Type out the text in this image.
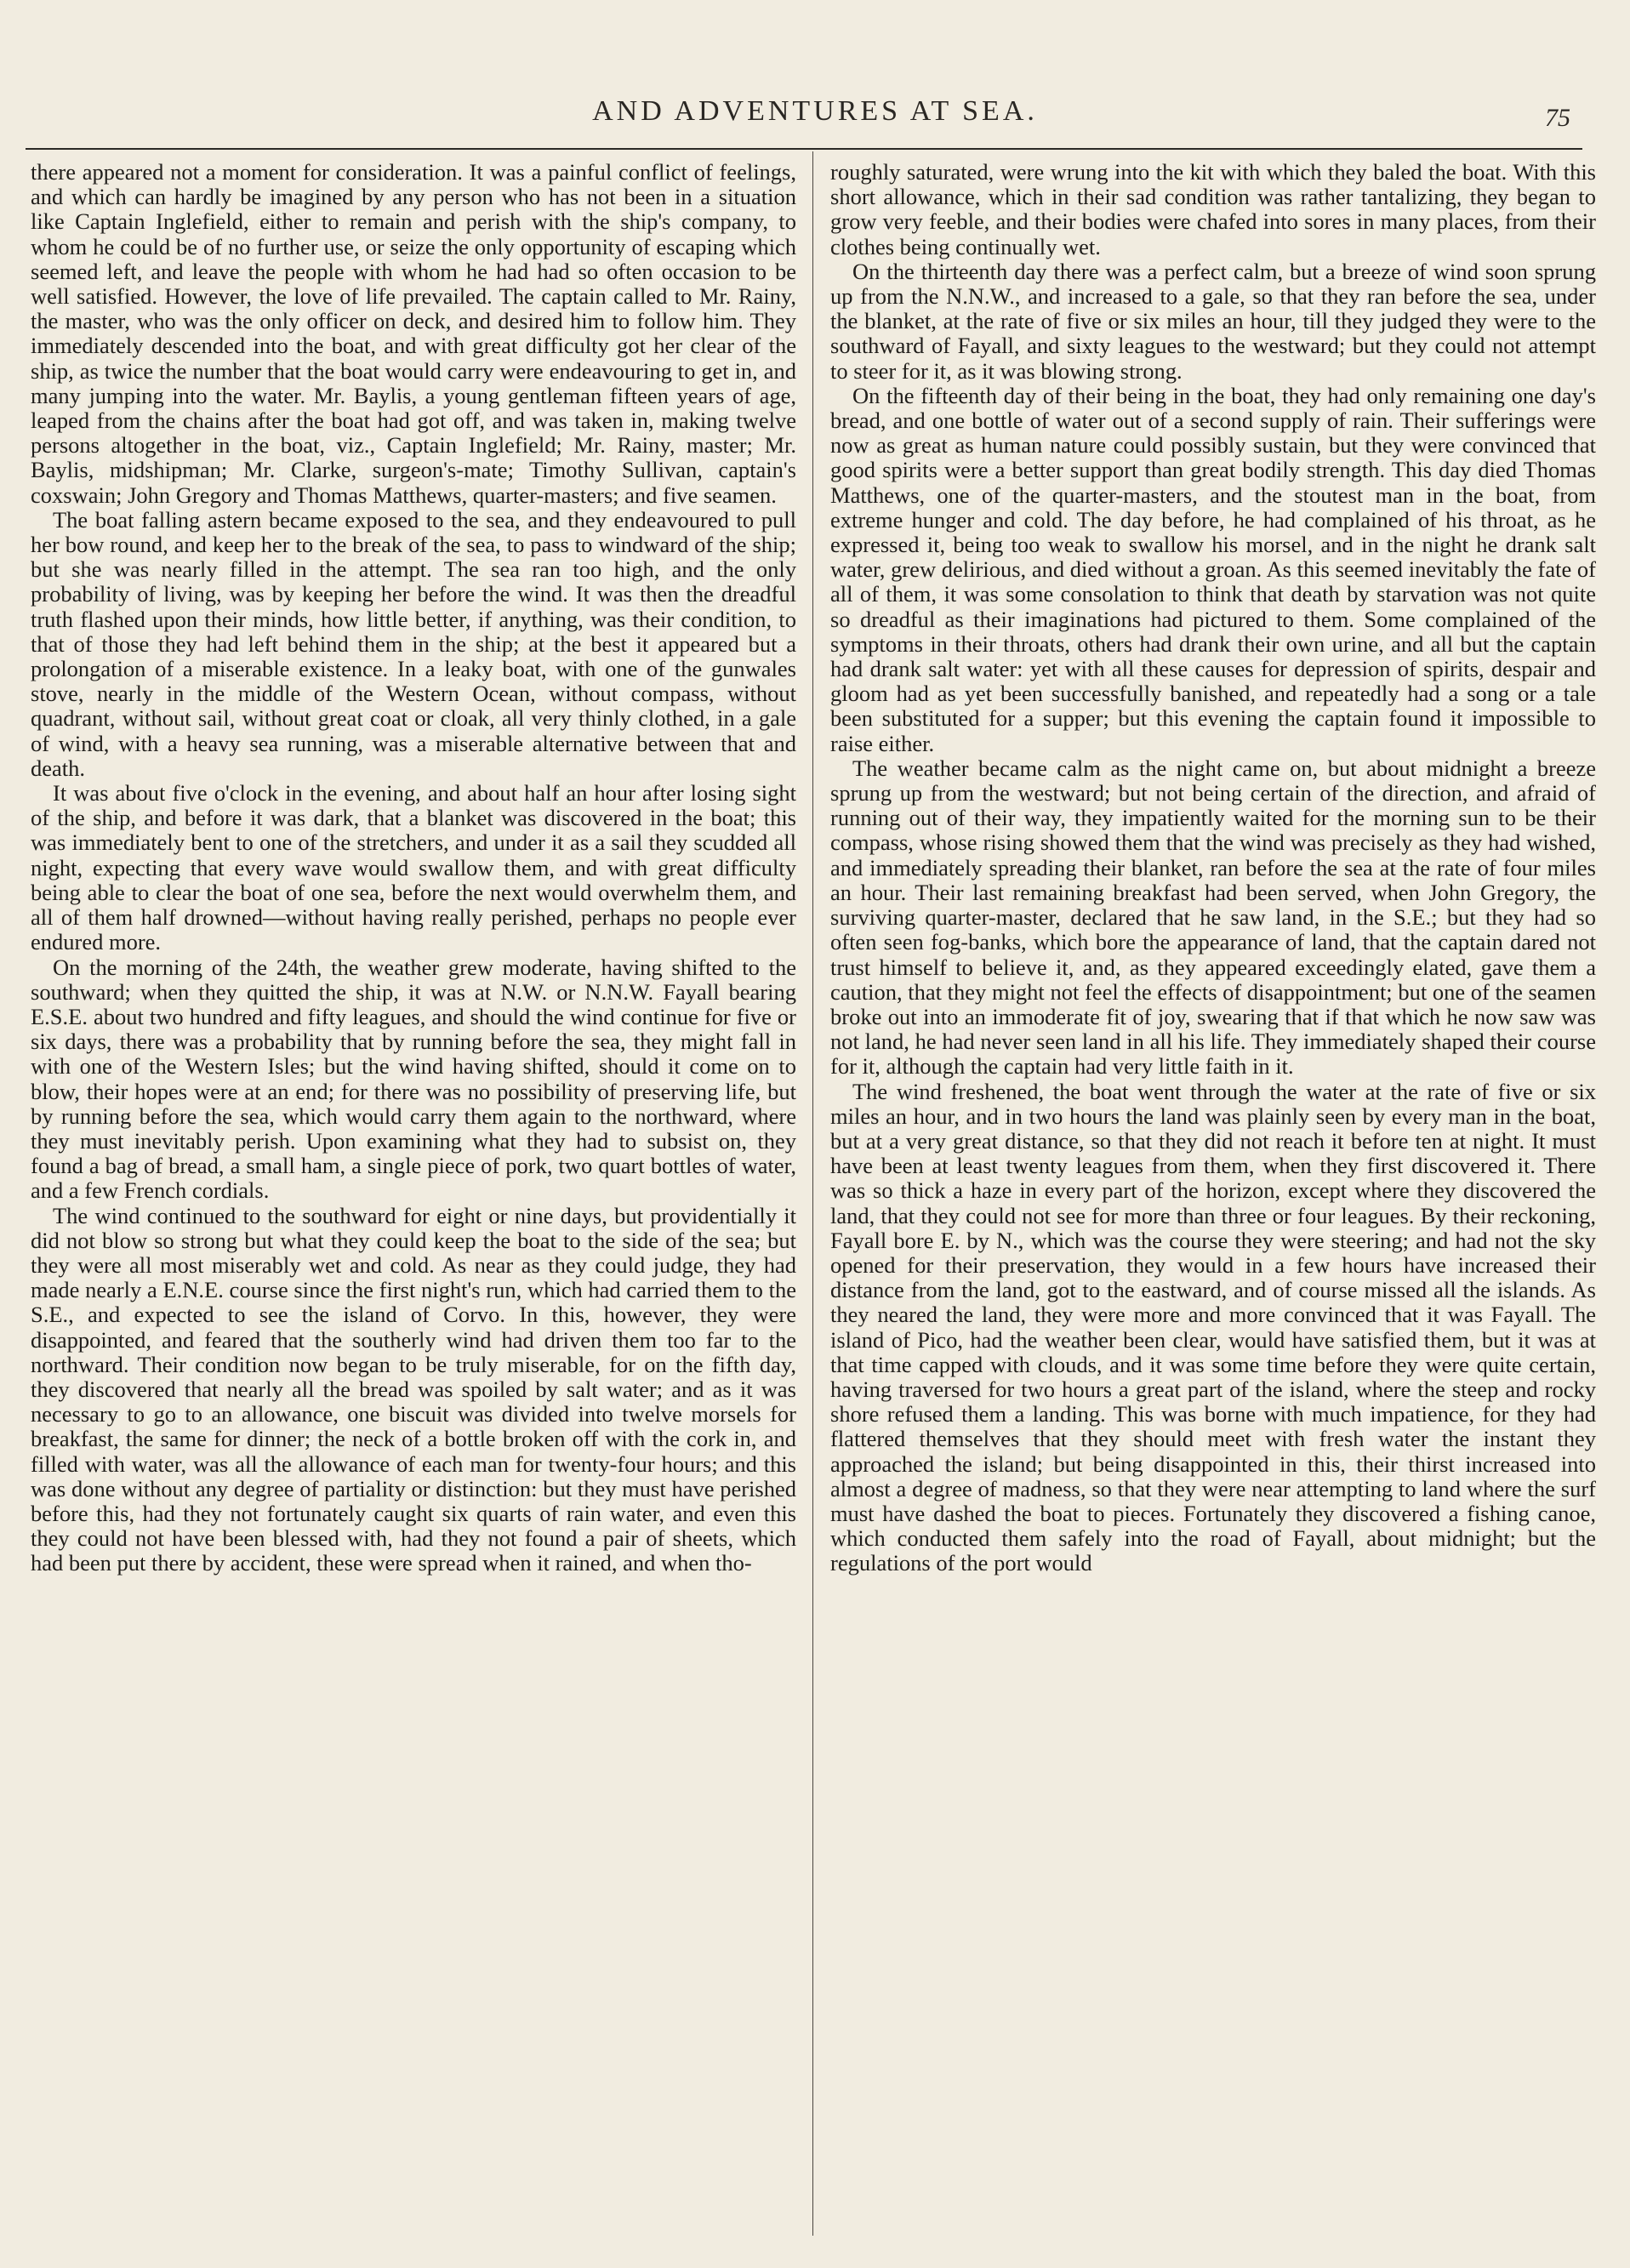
AND ADVENTURES AT SEA.	75

there appeared not a moment for consideration. It was a painful conflict of feelings, and which can hardly be imagined by any person who has not been in a situation like Captain Inglefield, either to remain and perish with the ship's company, to whom he could be of no further use, or seize the only opportunity of escaping which seemed left, and leave the people with whom he had had so often occasion to be well satisfied. However, the love of life prevailed. The captain called to Mr. Rainy, the master, who was the only officer on deck, and desired him to follow him. They immediately descended into the boat, and with great difficulty got her clear of the ship, as twice the number that the boat would carry were endeavouring to get in, and many jumping into the water. Mr. Baylis, a young gentleman fifteen years of age, leaped from the chains after the boat had got off, and was taken in, making twelve persons altogether in the boat, viz., Captain Inglefield; Mr. Rainy, master; Mr. Baylis, midshipman; Mr. Clarke, surgeon's-mate; Timothy Sullivan, captain's coxswain; John Gregory and Thomas Matthews, quarter-masters; and five seamen.

The boat falling astern became exposed to the sea, and they endeavoured to pull her bow round, and keep her to the break of the sea, to pass to windward of the ship; but she was nearly filled in the attempt. The sea ran too high, and the only probability of living, was by keeping her before the wind. It was then the dreadful truth flashed upon their minds, how little better, if anything, was their condition, to that of those they had left behind them in the ship; at the best it appeared but a prolongation of a miserable existence. In a leaky boat, with one of the gunwales stove, nearly in the middle of the Western Ocean, without compass, without quadrant, without sail, without great coat or cloak, all very thinly clothed, in a gale of wind, with a heavy sea running, was a miserable alternative between that and death.

It was about five o'clock in the evening, and about half an hour after losing sight of the ship, and before it was dark, that a blanket was discovered in the boat; this was immediately bent to one of the stretchers, and under it as a sail they scudded all night, expecting that every wave would swallow them, and with great difficulty being able to clear the boat of one sea, before the next would overwhelm them, and all of them half drowned—without having really perished, perhaps no people ever endured more.

On the morning of the 24th, the weather grew moderate, having shifted to the southward; when they quitted the ship, it was at N.W. or N.N.W. Fayall bearing E.S.E. about two hundred and fifty leagues, and should the wind continue for five or six days, there was a probability that by running before the sea, they might fall in with one of the Western Isles; but the wind having shifted, should it come on to blow, their hopes were at an end; for there was no possibility of preserving life, but by running before the sea, which would carry them again to the northward, where they must inevitably perish. Upon examining what they had to subsist on, they found a bag of bread, a small ham, a single piece of pork, two quart bottles of water, and a few French cordials.

The wind continued to the southward for eight or nine days, but providentially it did not blow so strong but what they could keep the boat to the side of the sea; but they were all most miserably wet and cold. As near as they could judge, they had made nearly a E.N.E. course since the first night's run, which had carried them to the S.E., and expected to see the island of Corvo. In this, however, they were disappointed, and feared that the southerly wind had driven them too far to the northward. Their condition now began to be truly miserable, for on the fifth day, they discovered that nearly all the bread was spoiled by salt water; and as it was necessary to go to an allowance, one biscuit was divided into twelve morsels for breakfast, the same for dinner; the neck of a bottle broken off with the cork in, and filled with water, was all the allowance of each man for twenty-four hours; and this was done without any degree of partiality or distinction: but they must have perished before this, had they not fortunately caught six quarts of rain water, and even this they could not have been blessed with, had they not found a pair of sheets, which had been put there by accident, these were spread when it rained, and when tho-

roughly saturated, were wrung into the kit with which they baled the boat. With this short allowance, which in their sad condition was rather tantalizing, they began to grow very feeble, and their bodies were chafed into sores in many places, from their clothes being continually wet.

On the thirteenth day there was a perfect calm, but a breeze of wind soon sprung up from the N.N.W., and increased to a gale, so that they ran before the sea, under the blanket, at the rate of five or six miles an hour, till they judged they were to the southward of Fayall, and sixty leagues to the westward; but they could not attempt to steer for it, as it was blowing strong.

On the fifteenth day of their being in the boat, they had only remaining one day's bread, and one bottle of water out of a second supply of rain. Their sufferings were now as great as human nature could possibly sustain, but they were convinced that good spirits were a better support than great bodily strength. This day died Thomas Matthews, one of the quarter-masters, and the stoutest man in the boat, from extreme hunger and cold. The day before, he had complained of his throat, as he expressed it, being too weak to swallow his morsel, and in the night he drank salt water, grew delirious, and died without a groan. As this seemed inevitably the fate of all of them, it was some consolation to think that death by starvation was not quite so dreadful as their imaginations had pictured to them. Some complained of the symptoms in their throats, others had drank their own urine, and all but the captain had drank salt water: yet with all these causes for depression of spirits, despair and gloom had as yet been successfully banished, and repeatedly had a song or a tale been substituted for a supper; but this evening the captain found it impossible to raise either.

The weather became calm as the night came on, but about midnight a breeze sprung up from the westward; but not being certain of the direction, and afraid of running out of their way, they impatiently waited for the morning sun to be their compass, whose rising showed them that the wind was precisely as they had wished, and immediately spreading their blanket, ran before the sea at the rate of four miles an hour. Their last remaining breakfast had been served, when John Gregory, the surviving quarter-master, declared that he saw land, in the S.E.; but they had so often seen fog-banks, which bore the appearance of land, that the captain dared not trust himself to believe it, and, as they appeared exceedingly elated, gave them a caution, that they might not feel the effects of disappointment; but one of the seamen broke out into an immoderate fit of joy, swearing that if that which he now saw was not land, he had never seen land in all his life. They immediately shaped their course for it, although the captain had very little faith in it.

The wind freshened, the boat went through the water at the rate of five or six miles an hour, and in two hours the land was plainly seen by every man in the boat, but at a very great distance, so that they did not reach it before ten at night. It must have been at least twenty leagues from them, when they first discovered it. There was so thick a haze in every part of the horizon, except where they discovered the land, that they could not see for more than three or four leagues. By their reckoning, Fayall bore E. by N., which was the course they were steering; and had not the sky opened for their preservation, they would in a few hours have increased their distance from the land, got to the eastward, and of course missed all the islands. As they neared the land, they were more and more convinced that it was Fayall. The island of Pico, had the weather been clear, would have satisfied them, but it was at that time capped with clouds, and it was some time before they were quite certain, having traversed for two hours a great part of the island, where the steep and rocky shore refused them a landing. This was borne with much impatience, for they had flattered themselves that they should meet with fresh water the instant they approached the island; but being disappointed in this, their thirst increased into almost a degree of madness, so that they were near attempting to land where the surf must have dashed the boat to pieces. Fortunately they discovered a fishing canoe, which conducted them safely into the road of Fayall, about midnight; but the regulations of the port would
